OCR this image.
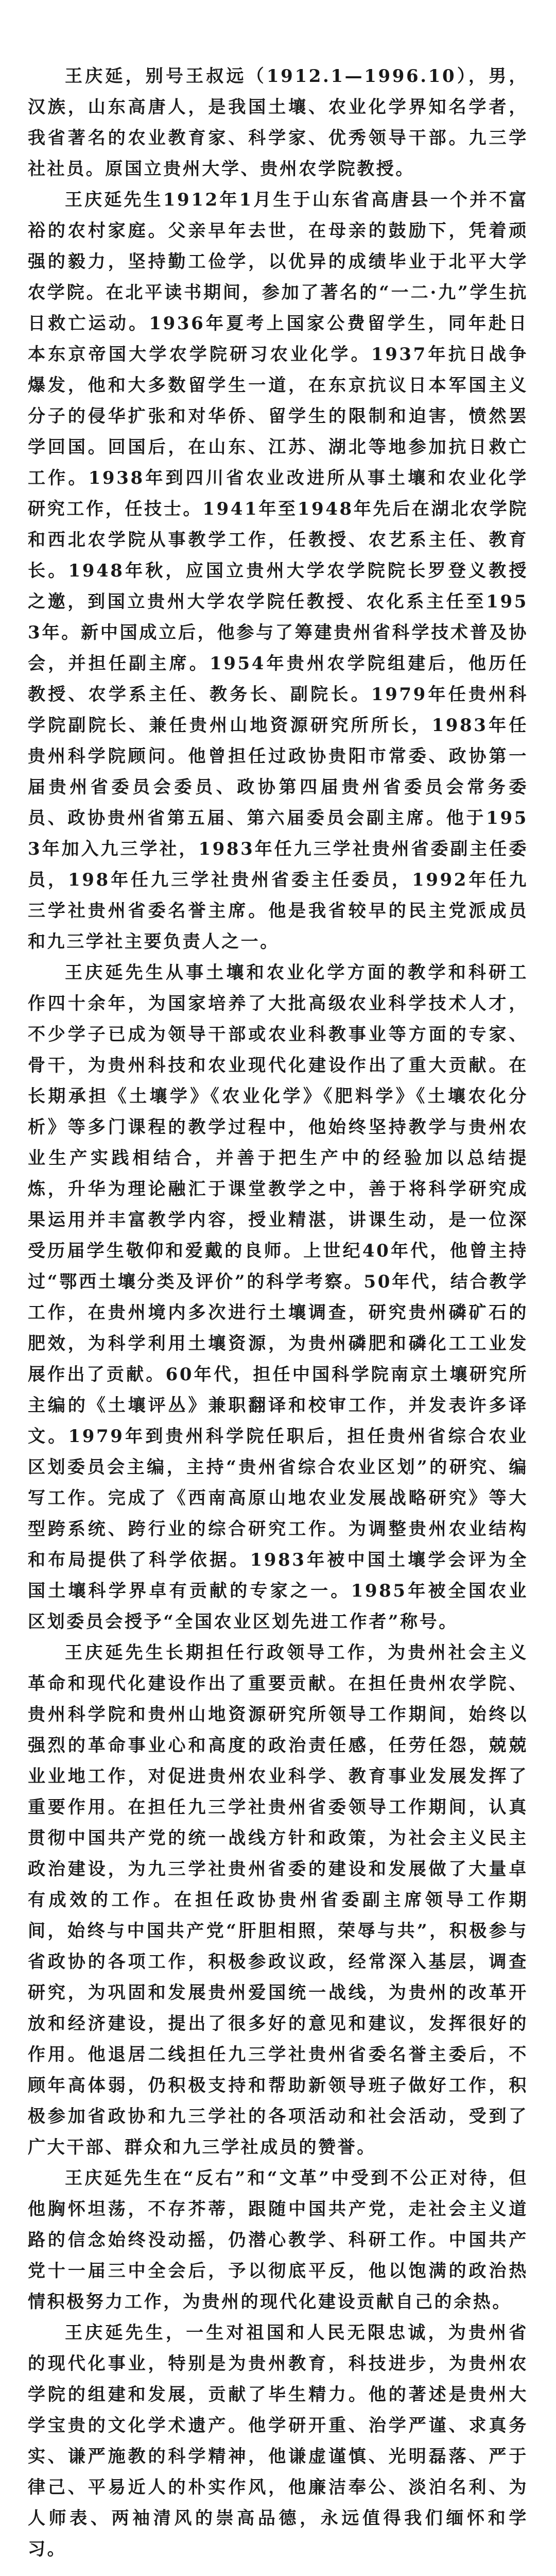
王庆延，别号王叔远（1912.1—1996.10），男，汉族，山东高唐人，是我国土壤、农业化学界知名学者，我省著名的农业教育家、科学家、优秀领导干部。九三学社社员。原国立贵州大学、贵州农学院教授。

王庆延先生1912年1月生于山东省高唐县一个并不富裕的农村家庭。父亲早年去世，在母亲的鼓励下，凭着顽强的毅力，坚持勤工俭学，以优异的成绩毕业于北平大学农学院。在北平读书期间，参加了著名的“一二·九”学生抗日救亡运动。1936年夏考上国家公费留学生，同年赴日本东京帝国大学农学院研习农业化学。1937年抗日战争爆发，他和大多数留学生一道，在东京抗议日本军国主义分子的侵华扩张和对华侨、留学生的限制和迫害，愤然罢学回国。回国后，在山东、江苏、湖北等地参加抗日救亡工作。1938年到四川省农业改进所从事土壤和农业化学研究工作，任技士。1941年至1948年先后在湖北农学院和西北农学院从事教学工作，任教授、农艺系主任、教育长。1948年秋，应国立贵州大学农学院院长罗登义教授之邀，到国立贵州大学农学院任教授、农化系主任至1953年。新中国成立后，他参与了筹建贵州省科学技术普及协会，并担任副主席。1954年贵州农学院组建后，他历任教授、农学系主任、教务长、副院长。1979年任贵州科学院副院长、兼任贵州山地资源研究所所长，1983年任贵州科学院顾问。他曾担任过政协贵阳市常委、政协第一届贵州省委员会委员、政协第四届贵州省委员会常务委员、政协贵州省第五届、第六届委员会副主席。他于1953年加入九三学社，1983年任九三学社贵州省委副主任委员，198年任九三学社贵州省委主任委员，1992年任九三学社贵州省委名誉主席。他是我省较早的民主党派成员和九三学社主要负责人之一。

王庆延先生从事土壤和农业化学方面的教学和科研工作四十余年，为国家培养了大批高级农业科学技术人才，不少学子已成为领导干部或农业科教事业等方面的专家、骨干，为贵州科技和农业现代化建设作出了重大贡献。在长期承担《土壤学》《农业化学》《肥料学》《土壤农化分析》等多门课程的教学过程中，他始终坚持教学与贵州农业生产实践相结合，并善于把生产中的经验加以总结提炼，升华为理论融汇于课堂教学之中，善于将科学研究成果运用并丰富教学内容，授业精湛，讲课生动，是一位深受历届学生敬仰和爱戴的良师。上世纪40年代，他曾主持过“鄂西土壤分类及评价”的科学考察。50年代，结合教学工作，在贵州境内多次进行土壤调查，研究贵州磷矿石的肥效，为科学利用土壤资源，为贵州磷肥和磷化工工业发展作出了贡献。60年代，担任中国科学院南京土壤研究所主编的《土壤评丛》兼职翻译和校审工作，并发表许多译文。1979年到贵州科学院任职后，担任贵州省综合农业区划委员会主编，主持“贵州省综合农业区划”的研究、编写工作。完成了《西南高原山地农业发展战略研究》等大型跨系统、跨行业的综合研究工作。为调整贵州农业结构和布局提供了科学依据。1983年被中国土壤学会评为全国土壤科学界卓有贡献的专家之一。1985年被全国农业区划委员会授予“全国农业区划先进工作者”称号。

王庆延先生长期担任行政领导工作，为贵州社会主义革命和现代化建设作出了重要贡献。在担任贵州农学院、贵州科学院和贵州山地资源研究所领导工作期间，始终以强烈的革命事业心和高度的政治责任感，任劳任怨，兢兢业业地工作，对促进贵州农业科学、教育事业发展发挥了重要作用。在担任九三学社贵州省委领导工作期间，认真贯彻中国共产党的统一战线方针和政策，为社会主义民主政治建设，为九三学社贵州省委的建设和发展做了大量卓有成效的工作。在担任政协贵州省委副主席领导工作期间，始终与中国共产党“肝胆相照，荣辱与共”，积极参与省政协的各项工作，积极参政议政，经常深入基层，调查研究，为巩固和发展贵州爱国统一战线，为贵州的改革开放和经济建设，提出了很多好的意见和建议，发挥很好的作用。他退居二线担任九三学社贵州省委名誉主委后，不顾年高体弱，仍积极支持和帮助新领导班子做好工作，积极参加省政协和九三学社的各项活动和社会活动，受到了广大干部、群众和九三学社成员的赞誉。

王庆延先生在“反右”和“文革”中受到不公正对待，但他胸怀坦荡，不存芥蒂，跟随中国共产党，走社会主义道路的信念始终没动摇，仍潜心教学、科研工作。中国共产党十一届三中全会后，予以彻底平反，他以饱满的政治热情积极努力工作，为贵州的现代化建设贡献自己的余热。

王庆延先生，一生对祖国和人民无限忠诚，为贵州省的现代化事业，特别是为贵州教育，科技进步，为贵州农学院的组建和发展，贡献了毕生精力。他的著述是贵州大学宝贵的文化学术遗产。他学研开重、治学严谨、求真务实、谦严施教的科学精神，他谦虚谨慎、光明磊落、严于律己、平易近人的朴实作风，他廉洁奉公、淡泊名利、为人师表、两袖清风的崇高品德，永远值得我们缅怀和学习。
